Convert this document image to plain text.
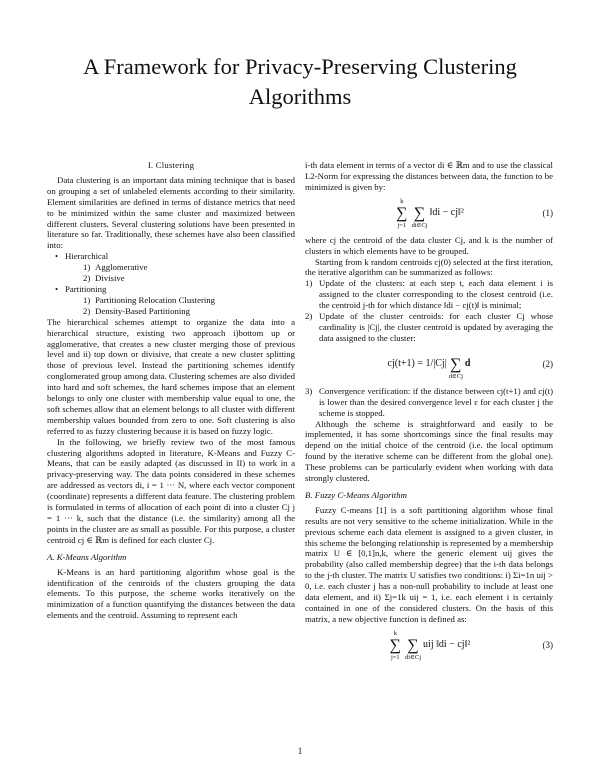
A Framework for Privacy-Preserving Clustering Algorithms
I. Clustering

Data clustering is an important data mining technique that is based on grouping a set of unlabeled elements according to their similarity. Element similarities are defined in terms of distance metrics that need to be minimized within the same cluster and maximized between different clusters. Several clustering solutions have been presented in literature so far. Traditionally, these schemes have also been classified into:

• Hierarchical
1) Agglomerative
2) Divisive
• Partitioning
1) Partitioning Relocation Clustering
2) Density-Based Partitioning

The hierarchical schemes attempt to organize the data into a hierarchical structure, existing two approach i)bottom up or agglomerative, that creates a new cluster merging those of previous level and ii) top down or divisive, that create a new cluster splitting those of previous level. Instead the partitioning schemes identify conglomerated group among data. Clustering schemes are also divided into hard and soft schemes, the hard schemes impose that an element belongs to only one cluster with membership value equal to one, the soft schemes allow that an element belongs to all cluster with different membership values bounded from zero to one. Soft clustering is also referred to as fuzzy clustering because it is based on fuzzy logic.

In the following, we briefly review two of the most famous clustering algorithms adopted in literature, K-Means and Fuzzy C-Means, that can be easily adapted (as discussed in II) to work in a privacy-preserving way. The data points considered in these schemes are addressed as vectors di, i = 1 ··· N, where each vector component (coordinate) represents a different data feature. The clustering problem is formulated in terms of allocation of each point di into a cluster Cj j = 1 ··· k, such that the distance (i.e. the similarity) among all the points in the cluster are as small as possible. For this purpose, a cluster centroid cj ∈ ℝm is defined for each cluster Cj.

A. K-Means Algorithm

K-Means is an hard partitioning algorithm whose goal is the identification of the centroids of the clusters grouping the data elements. To this purpose, the scheme works iteratively on the minimization of a function quantifying the distances between the data elements and the centroid. Assuming to represent each

i-th data element in terms of a vector di ∈ ℝm and to use the classical L2-Norm for expressing the distances between data, the function to be minimized is given by:

k
∑
j=1

∑
di∈Cj
‖di − cj‖²	(1)

where cj the centroid of the data cluster Cj, and k is the number of clusters in which elements have to be grouped.

Starting from k random centroids cj(0) selected at the first iteration, the iterative algorithm can be summarized as follows:

1) Update of the clusters: at each step t, each data element i is assigned to the cluster corresponding to the closest centroid (i.e. the centroid j-th for which distance ‖di − cj(t)‖ is minimal;
2) Update of the cluster centroids: for each cluster Cj whose cardinality is |Cj|, the cluster centroid is updated by averaging the data assigned to the cluster:
cj(t+1) = 1/|Cj|
∑
d∈Cj
d	(2)
3) Convergence verification: if the distance between cj(t+1) and cj(t) is lower than the desired convergence level ε for each cluster j the scheme is stopped.

Although the scheme is straightforward and easily to be implemented, it has some shortcomings since the final results may depend on the initial choice of the centroid (i.e. the local optimum found by the iterative scheme can be different from the global one). These problems can be particularly evident when working with data strongly clustered.

B. Fuzzy C-Means Algorithm

Fuzzy C-means [1] is a soft partitioning algorithm whose final results are not very sensitive to the scheme initialization. While in the previous scheme each data element is assigned to a given cluster, in this scheme the belonging relationship is represented by a membership matrix U ∈ [0,1]n,k, where the generic element uij gives the probability (also called membership degree) that the i-th data belongs to the j-th cluster. The matrix U satisfies two conditions: i) Σi=1n uij > 0, i.e. each cluster j has a non-null probability to include at least one data element, and ii) Σj=1k uij = 1, i.e. each element i is certainly contained in one of the considered clusters. On the basis of this matrix, a new objective function is defined as:

k
∑
j=1

∑
di∈Cj
uij ‖di − cj‖²	(3)
1
